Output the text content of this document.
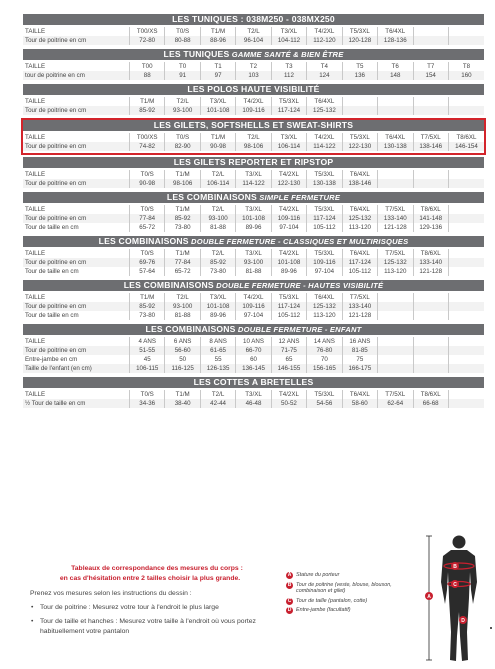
LES TUNIQUES : 038M250 - 038MX250
TAILLE	T00/XS	T0/S	T1/M	T2/L	T3/XL	T4/2XL	T5/3XL	T6/4XL		
Tour de poitrine en cm	72-80	80-88	88-96	96-104	104-112	112-120	120-128	128-136		
LES TUNIQUES GAMME SANTÉ & BIEN ÊTRE
TAILLE	T00	T0	T1	T2	T3	T4	T5	T6	T7	T8
tour de poitrine en cm	88	91	97	103	112	124	136	148	154	160
LES POLOS HAUTE VISIBILITÉ
TAILLE	T1/M	T2/L	T3/XL	T4/2XL	T5/3XL	T6/4XL				
Tour de poitrine en cm	85-92	93-100	101-108	109-116	117-124	125-132				
LES GILETS, SOFTSHELLS ET SWEAT-SHIRTS
TAILLE	T00/XS	T0/S	T1/M	T2/L	T3/XL	T4/2XL	T5/3XL	T6/4XL	T7/5XL	T8/6XL
Tour de poitrine en cm	74-82	82-90	90-98	98-106	106-114	114-122	122-130	130-138	138-146	146-154
LES GILETS REPORTER ET RIPSTOP
TAILLE	T0/S	T1/M	T2/L	T3/XL	T4/2XL	T5/3XL	T6/4XL			
Tour de poitrine en cm	90-98	98-106	106-114	114-122	122-130	130-138	138-146			
LES COMBINAISONS SIMPLE FERMETURE
TAILLE	T0/S	T1/M	T2/L	T3/XL	T4/2XL	T5/3XL	T6/4XL	T7/5XL	T8/6XL	
Tour de poitrine en cm	77-84	85-92	93-100	101-108	109-116	117-124	125-132	133-140	141-148	
Tour de taille en cm	65-72	73-80	81-88	89-96	97-104	105-112	113-120	121-128	129-136	
LES COMBINAISONS DOUBLE FERMETURE - CLASSIQUES ET MULTIRISQUES
TAILLE	T0/S	T1/M	T2/L	T3/XL	T4/2XL	T5/3XL	T6/4XL	T7/5XL	T8/6XL	
Tour de poitrine en cm	69-76	77-84	85-92	93-100	101-108	109-116	117-124	125-132	133-140	
Tour de taille en cm	57-64	65-72	73-80	81-88	89-96	97-104	105-112	113-120	121-128	
LES COMBINAISONS DOUBLE FERMETURE - HAUTES VISIBILITÉ
TAILLE	T1/M	T2/L	T3/XL	T4/2XL	T5/3XL	T6/4XL	T7/5XL			
Tour de poitrine en cm	85-92	93-100	101-108	109-116	117-124	125-132	133-140			
Tour de taille en cm	73-80	81-88	89-96	97-104	105-112	113-120	121-128			
LES COMBINAISONS DOUBLE FERMETURE - ENFANT
TAILLE	4 ANS	6 ANS	8 ANS	10 ANS	12 ANS	14 ANS	16 ANS			
Tour de poitrine en cm	51-55	56-60	61-65	66-70	71-75	76-80	81-85			
Entre-jambe en cm	45	50	55	60	65	70	75			
Taille de l'enfant (en cm)	106-115	116-125	126-135	136-145	146-155	156-165	166-175			
LES COTTES A BRETELLES
TAILLE	T0/S	T1/M	T2/L	T3/XL	T4/2XL	T5/3XL	T6/4XL	T7/5XL	T8/6XL	
½ Tour de taille en cm	34-36	38-40	42-44	46-48	50-52	54-56	58-60	62-64	66-68	
Tableaux de correspondance des mesures du corps :
en cas d'hésitation entre 2 tailles choisir la plus grande.
Prenez vos mesures selon les instructions du dessin :
• Tour de poitrine : Mesurez votre tour à l'endroit le plus large
• Tour de taille et hanches : Mesurez votre taille à l'endroit où vous portez habituellement votre pantalon
A Stature du porteur
B Tour de poitrine (veste, blouse, blouson, combinaison et gilet)
C Tour de taille (pantalon, cotte)
D Entre-jambe (facultatif)
A
B
C
D
